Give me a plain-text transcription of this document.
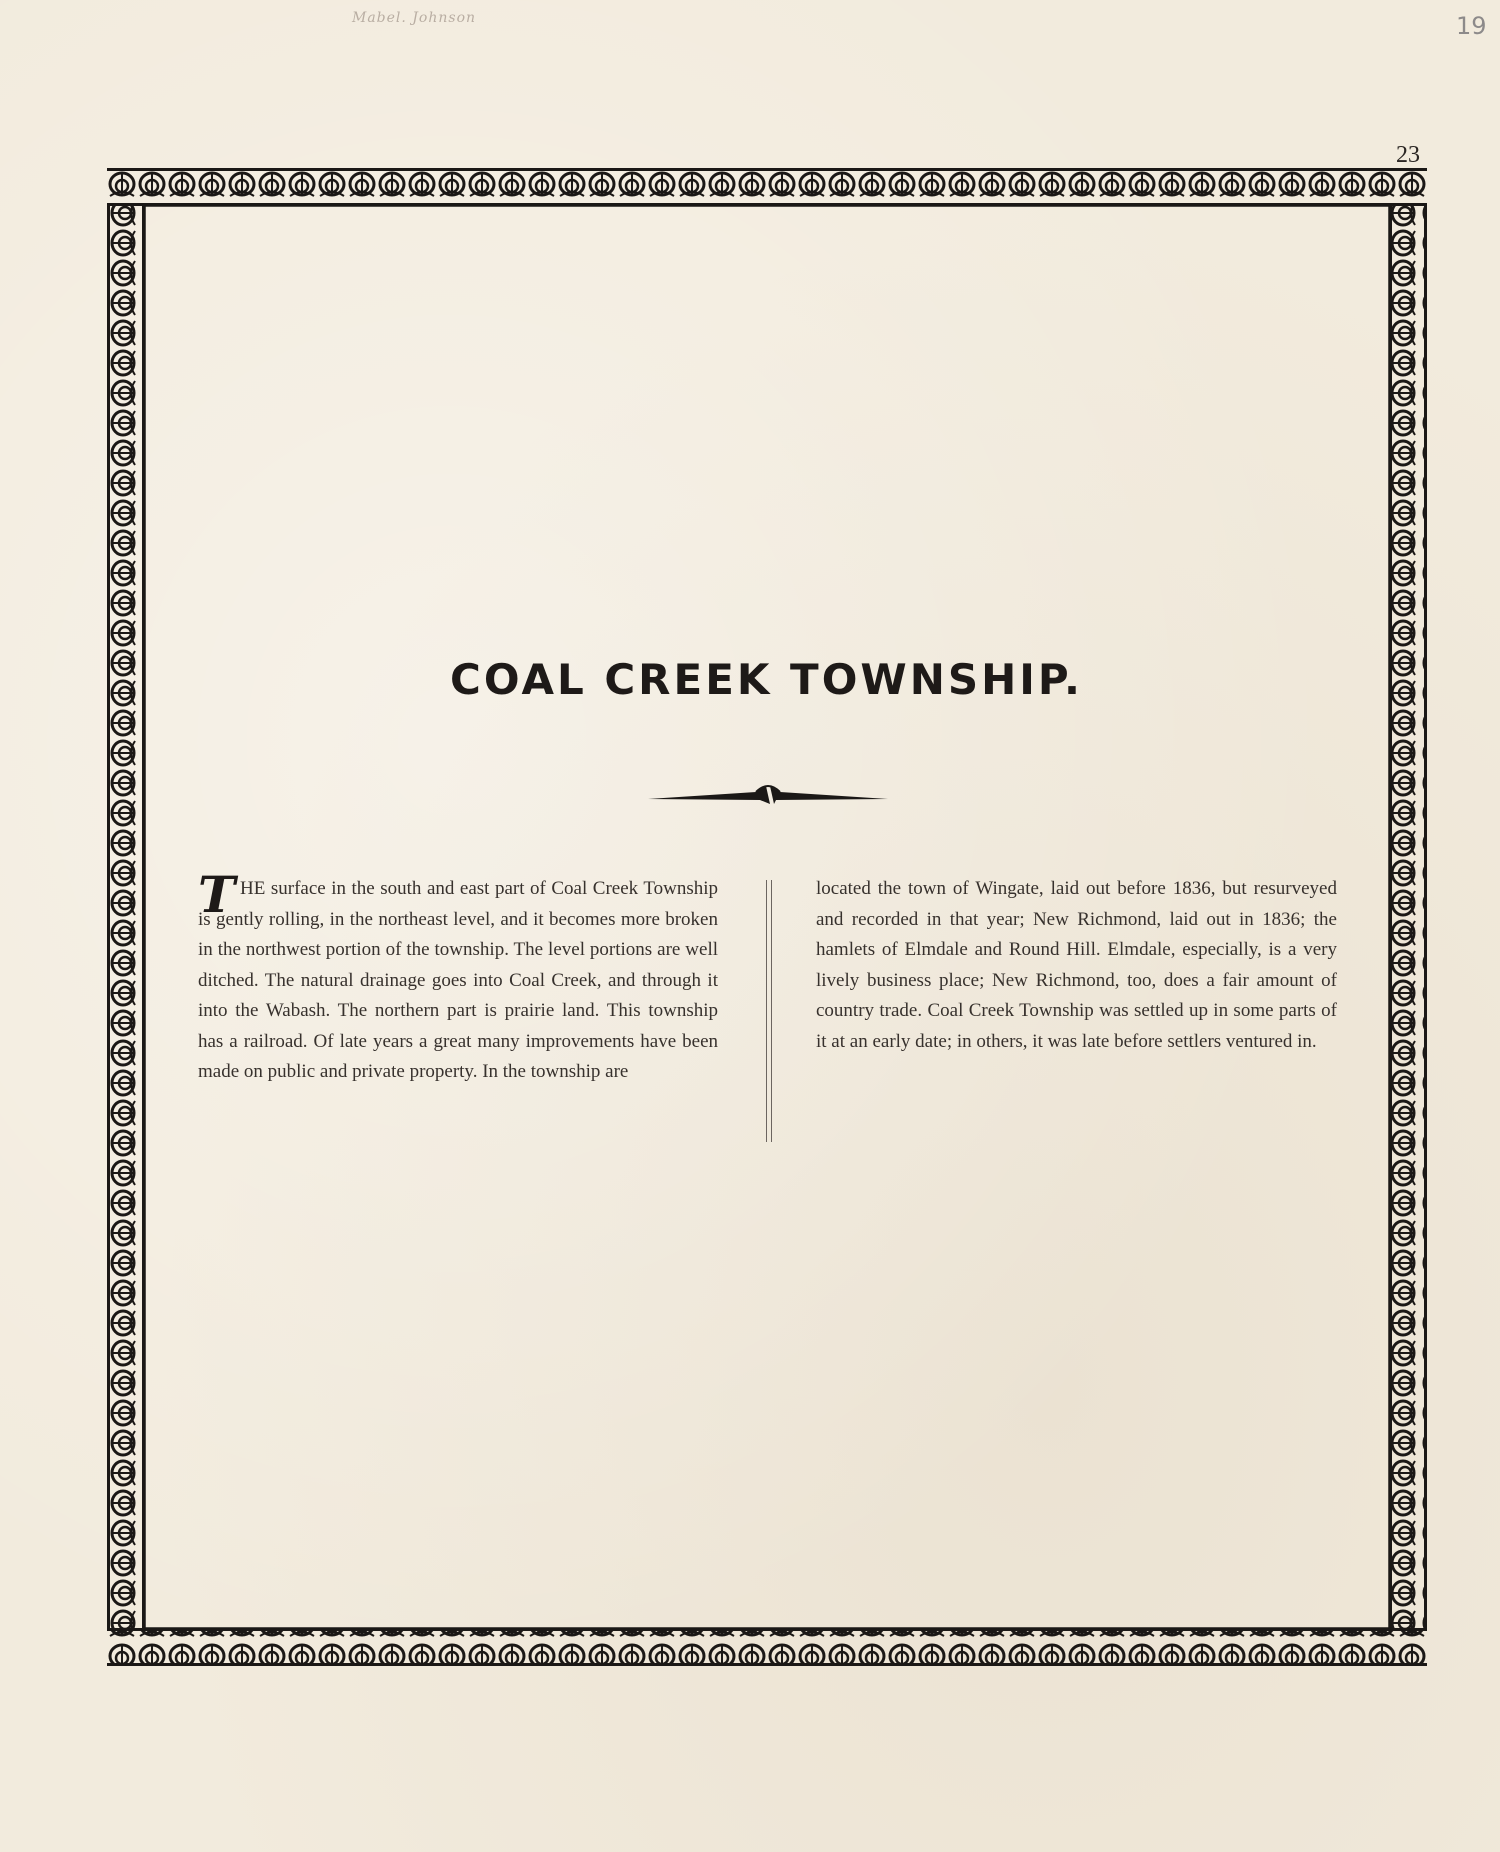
Mabel. Johnson	19
23
COAL CREEK TOWNSHIP.
T HE surface in the south and east part of Coal Creek Township is gently rolling, in the northeast level, and it becomes more broken in the northwest portion of the township. The level portions are well ditched. The natural drainage goes into Coal Creek, and through it into the Wabash. The northern part is prairie land. This township has a railroad. Of late years a great many improvements have been made on public and private property. In the township are
located the town of Wingate, laid out before 1836, but resurveyed and recorded in that year; New Richmond, laid out in 1836; the hamlets of Elmdale and Round Hill. Elmdale, especially, is a very lively business place; New Richmond, too, does a fair amount of country trade. Coal Creek Township was settled up in some parts of it at an early date; in others, it was late before settlers ventured in.
